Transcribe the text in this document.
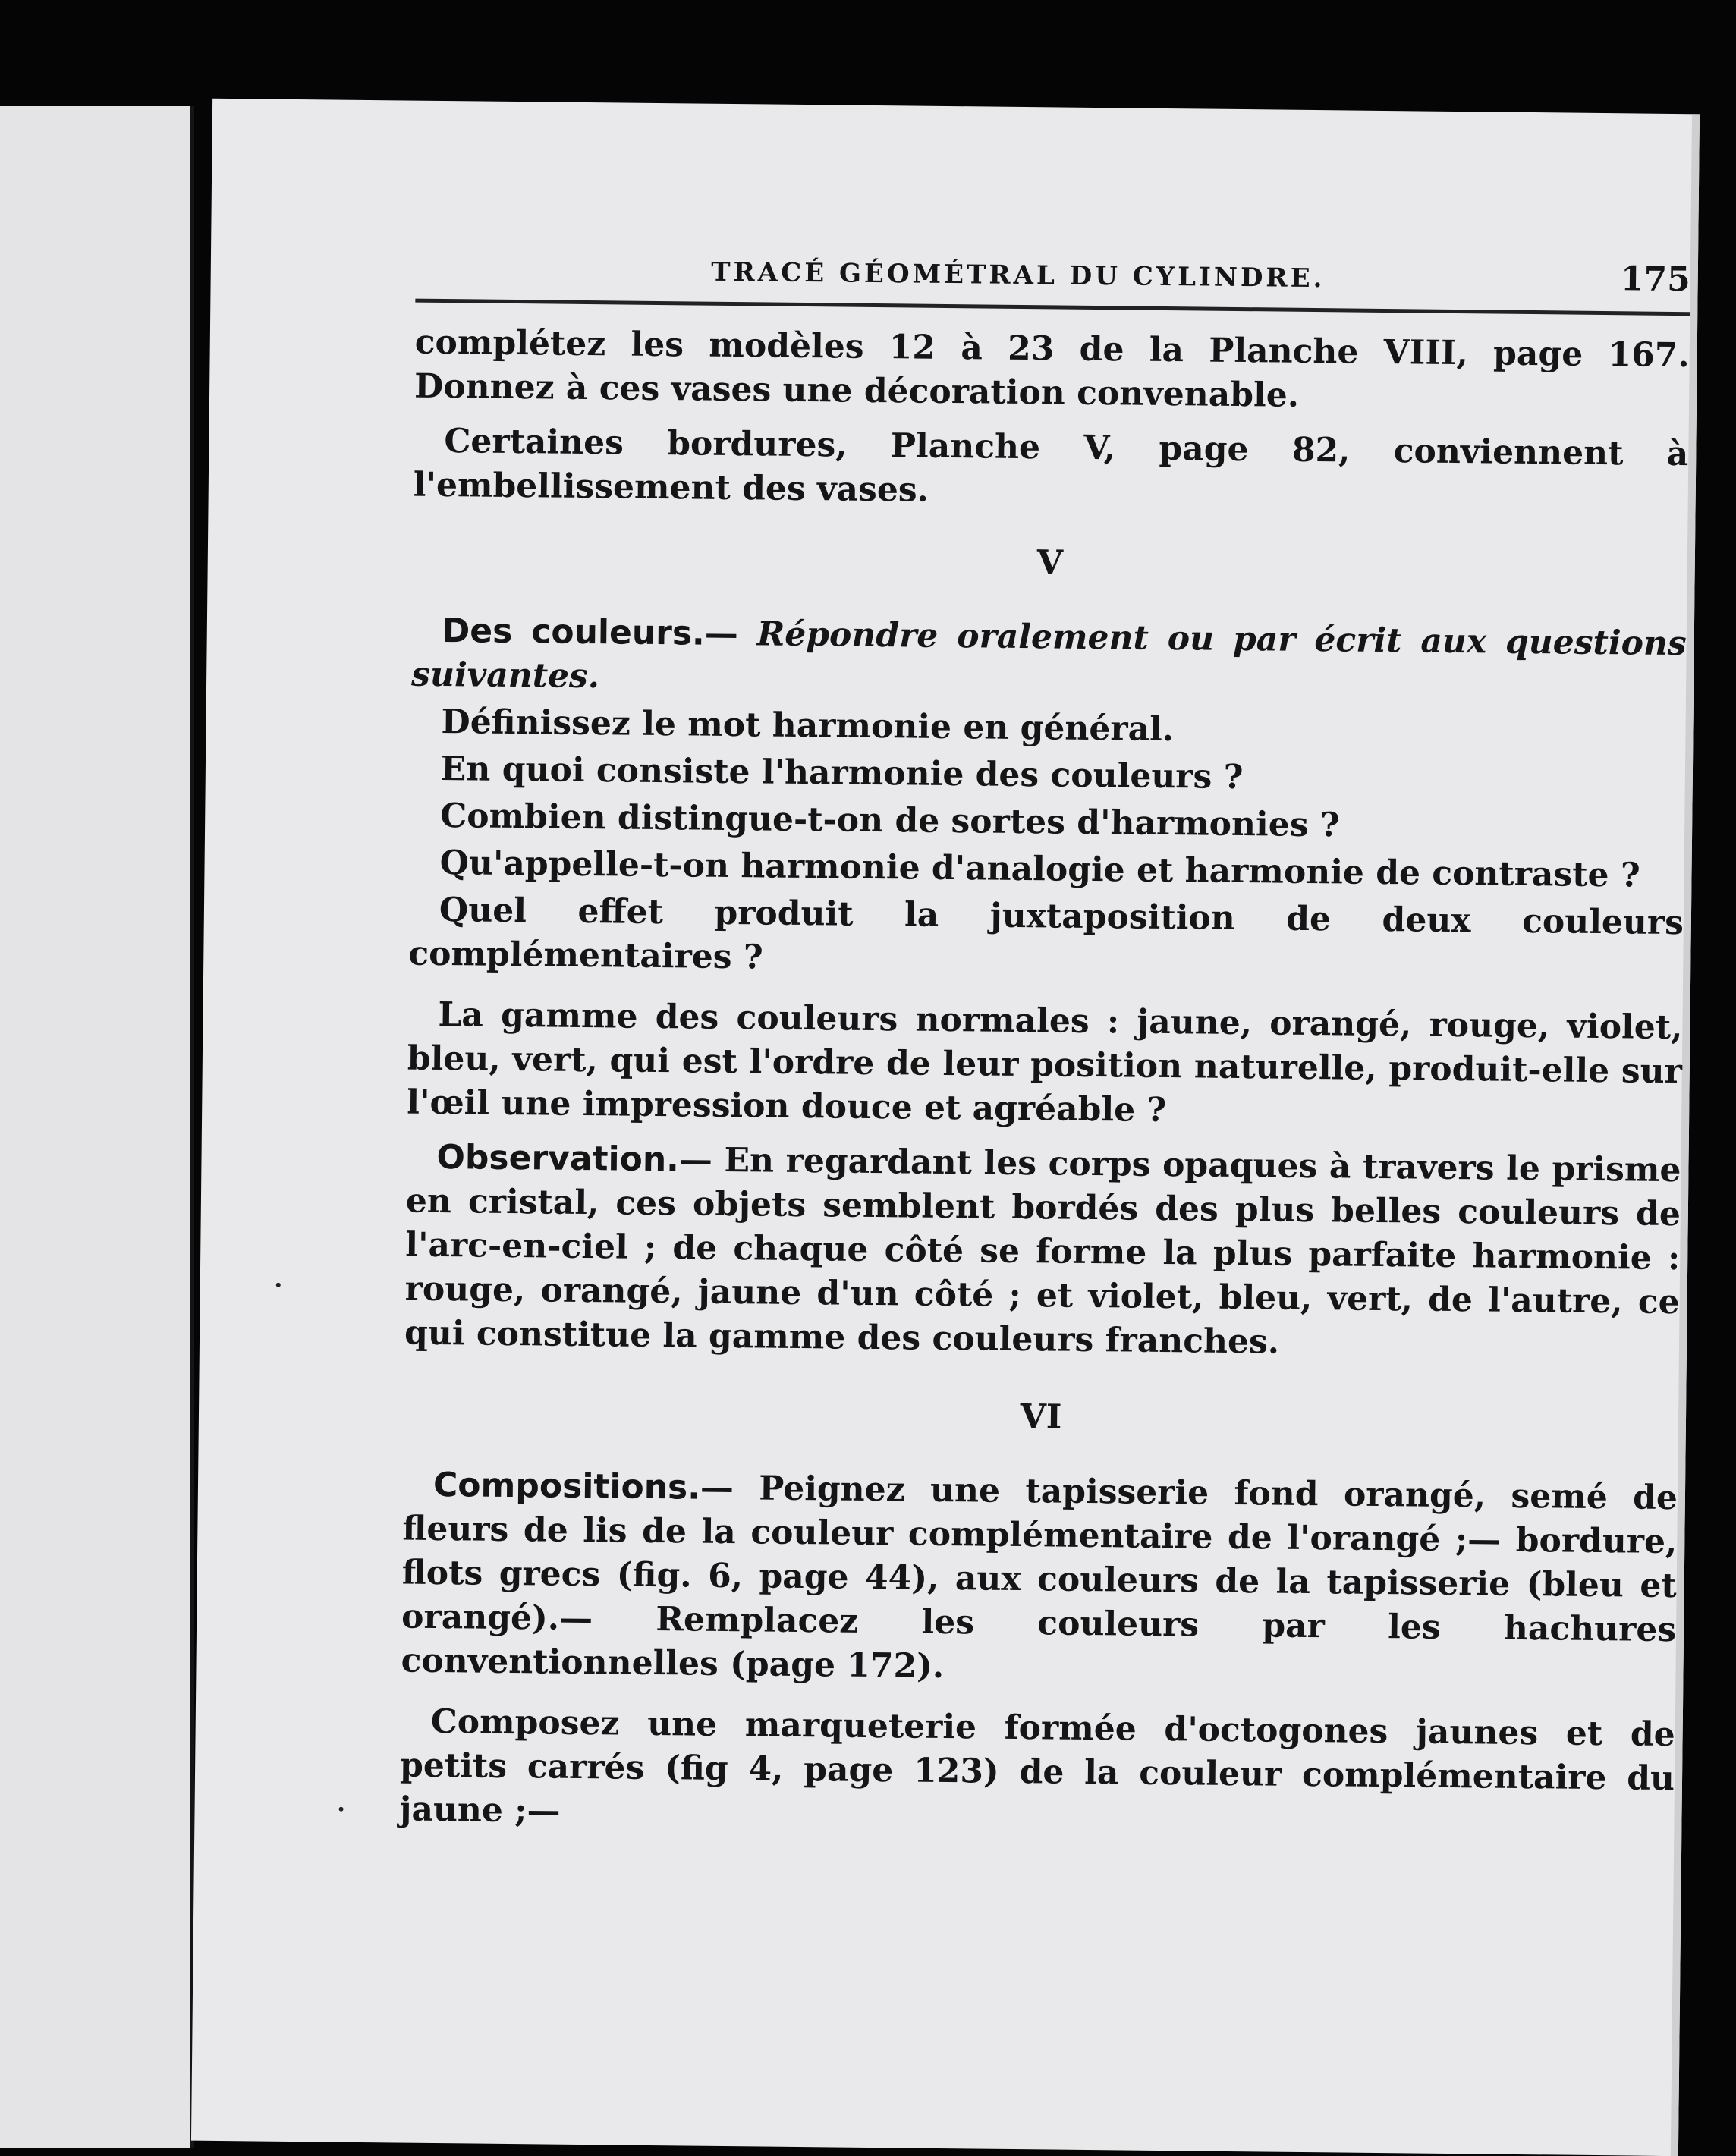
TRACÉ GÉOMÉTRAL DU CYLINDRE.	175

complétez les modèles 12 à 23 de la Planche VIII, page 167. Donnez à ces vases une décoration convenable.

Certaines bordures, Planche V, page 82, conviennent à l'embellissement des vases.

V

Des couleurs.— Répondre oralement ou par écrit aux questions suivantes.

Définissez le mot harmonie en général.

En quoi consiste l'harmonie des couleurs ?

Combien distingue-t-on de sortes d'harmonies ?

Qu'appelle-t-on harmonie d'analogie et harmonie de contraste ?

Quel effet produit la juxtaposition de deux couleurs complémentaires ?

La gamme des couleurs normales : jaune, orangé, rouge, violet, bleu, vert, qui est l'ordre de leur position naturelle, produit-elle sur l'œil une impression douce et agréable ?

Observation.— En regardant les corps opaques à travers le prisme en cristal, ces objets semblent bordés des plus belles couleurs de l'arc-en-ciel ; de chaque côté se forme la plus parfaite harmonie : rouge, orangé, jaune d'un côté ; et violet, bleu, vert, de l'autre, ce qui constitue la gamme des couleurs franches.

VI

Compositions.— Peignez une tapisserie fond orangé, semé de fleurs de lis de la couleur complémentaire de l'orangé ;— bordure, flots grecs (fig. 6, page 44), aux couleurs de la tapisserie (bleu et orangé).— Remplacez les couleurs par les hachures conventionnelles (page 172).

Composez une marqueterie formée d'octogones jaunes et de petits carrés (fig 4, page 123) de la couleur complémentaire du jaune ;—
